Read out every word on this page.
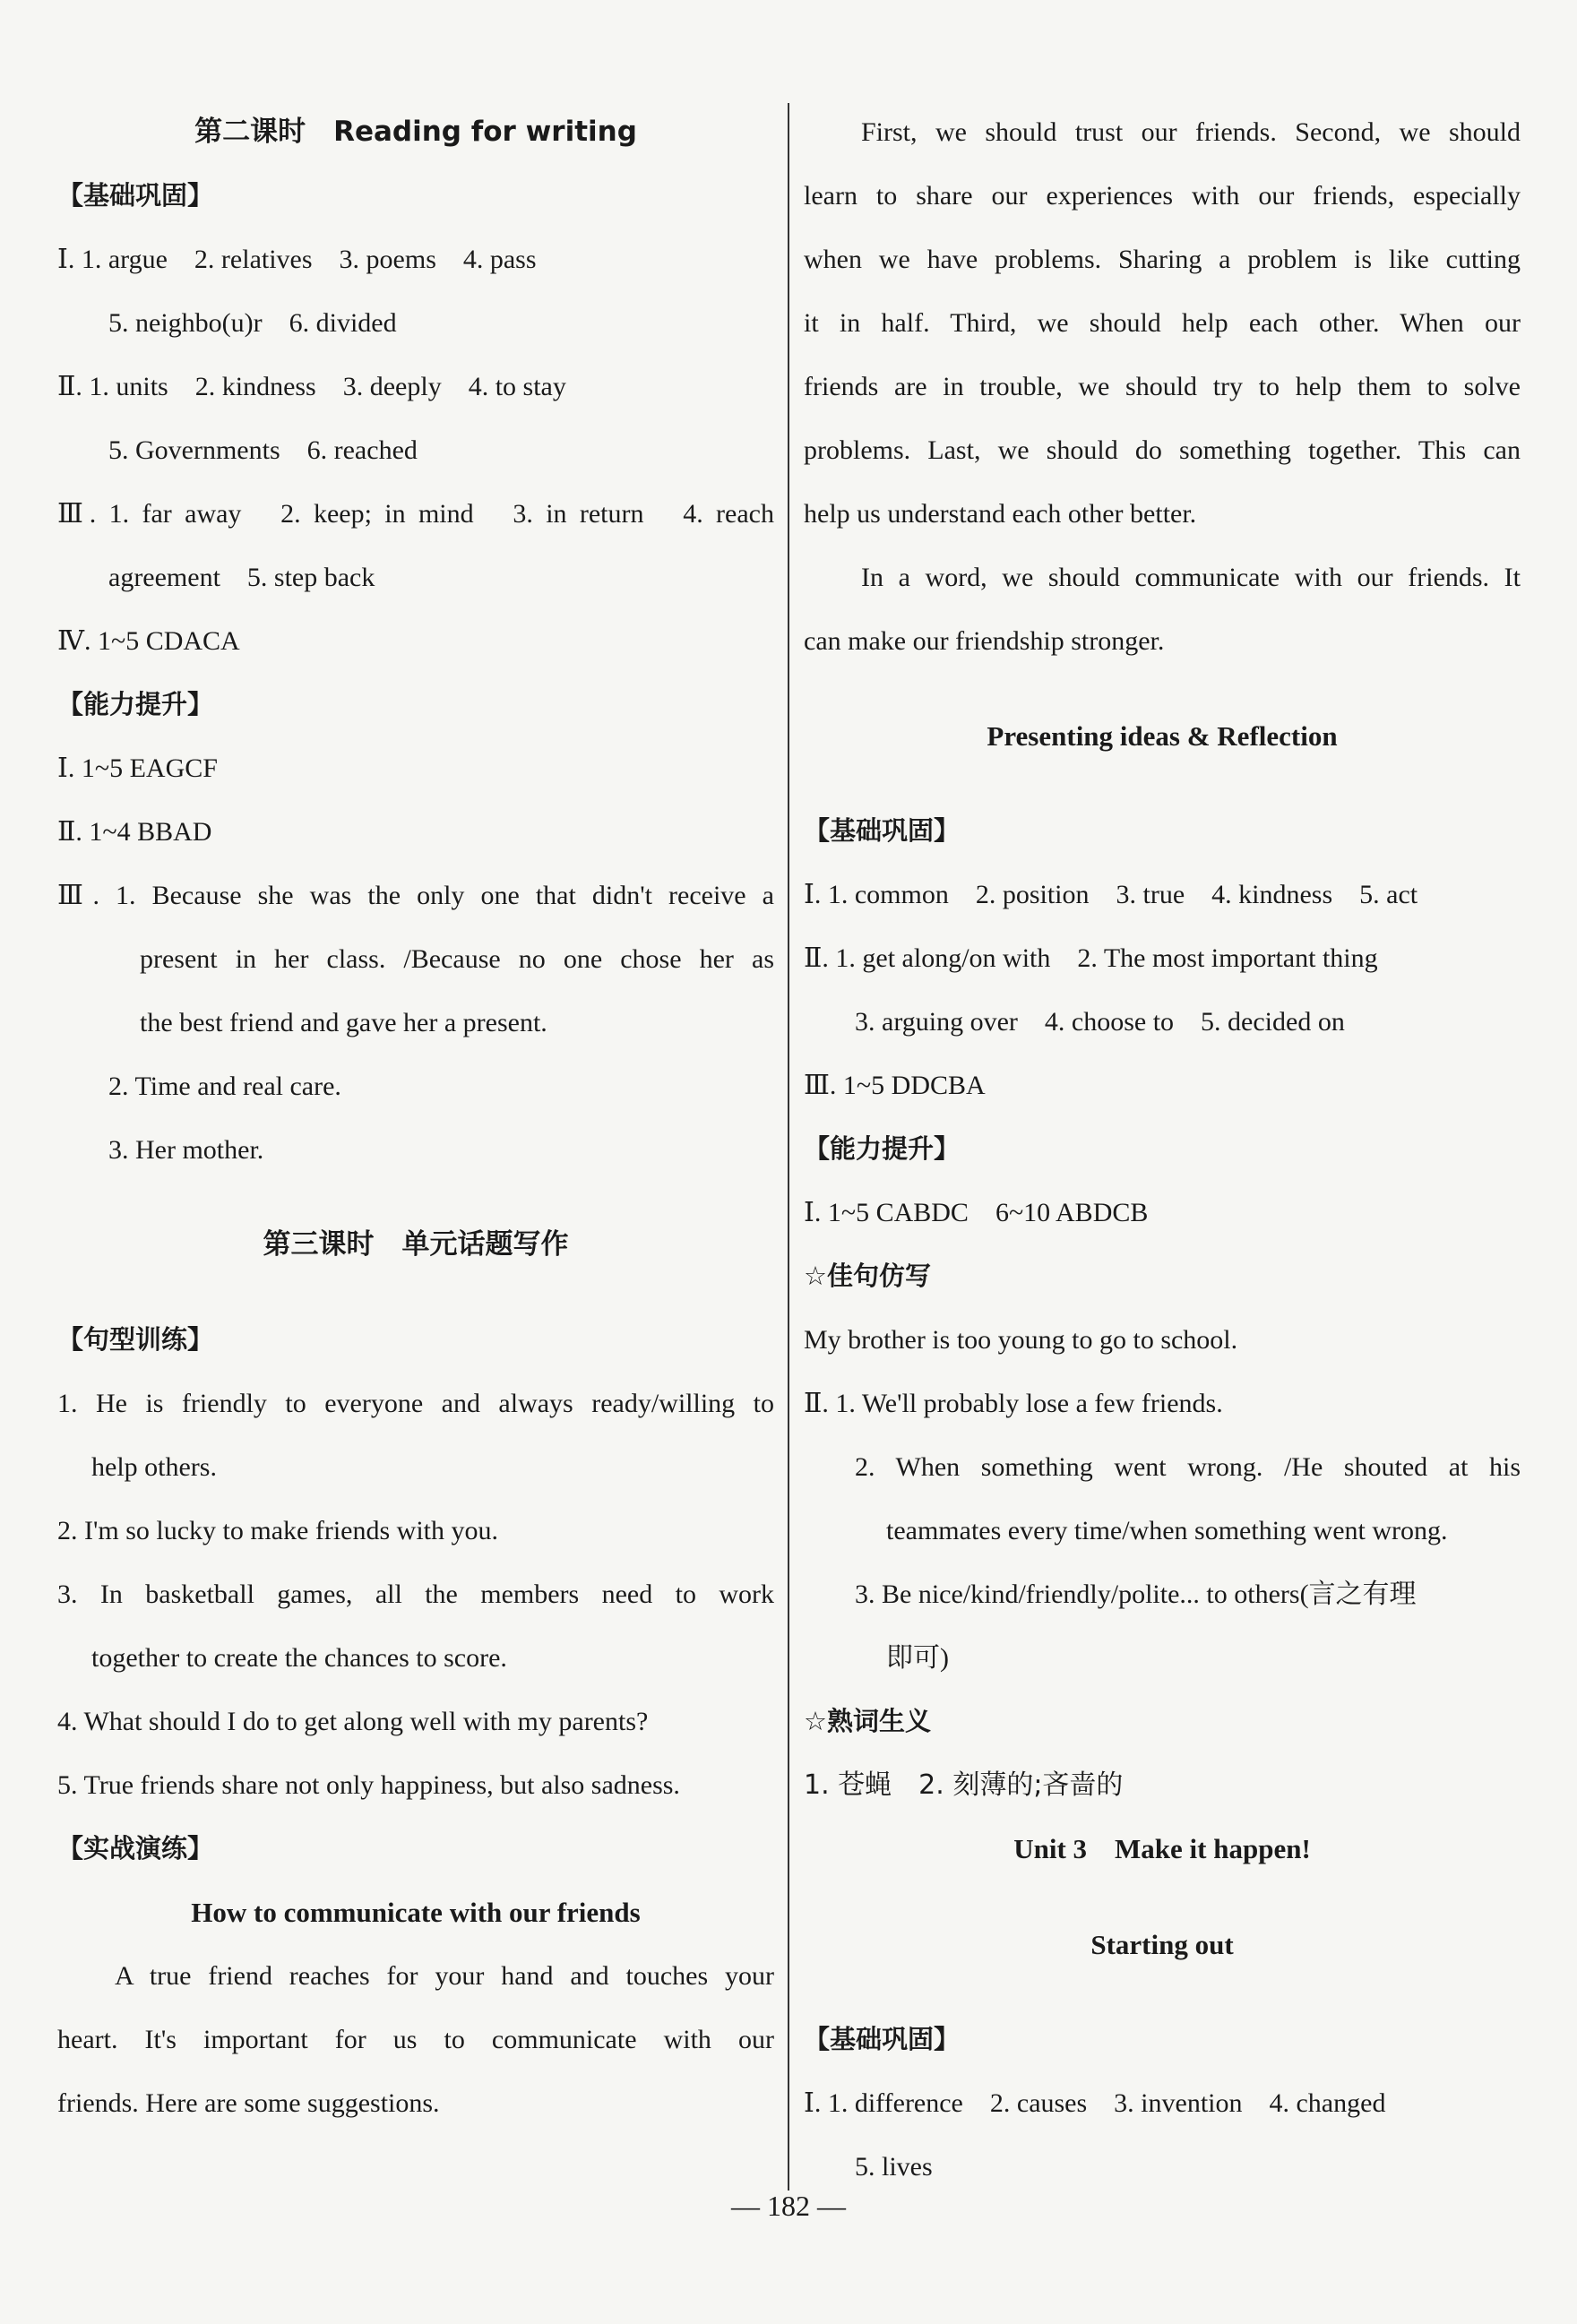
第二课时　Reading for writing
【基础巩固】
Ⅰ. 1. argue　2. relatives　3. poems　4. pass
5. neighbo(u)r　6. divided
Ⅱ. 1. units　2. kindness　3. deeply　4. to stay
5. Governments　6. reached
Ⅲ. 1. far away　2. keep; in mind　3. in return　4. reach
agreement　5. step back
Ⅳ. 1~5 CDACA
【能力提升】
Ⅰ. 1~5 EAGCF
Ⅱ. 1~4 BBAD
Ⅲ. 1. Because she was the only one that didn't receive a
present in her class. /Because no one chose her as
the best friend and gave her a present.
2. Time and real care.
3. Her mother.
第三课时　单元话题写作
【句型训练】
1. He is friendly to everyone and always ready/willing to
help others.
2. I'm so lucky to make friends with you.
3. In basketball games, all the members need to work
together to create the chances to score.
4. What should I do to get along well with my parents?
5. True friends share not only happiness, but also sadness.
【实战演练】
How to communicate with our friends
A true friend reaches for your hand and touches your
heart. It's important for us to communicate with our
friends. Here are some suggestions.
First, we should trust our friends. Second, we should
learn to share our experiences with our friends, especially
when we have problems. Sharing a problem is like cutting
it in half. Third, we should help each other. When our
friends are in trouble, we should try to help them to solve
problems. Last, we should do something together. This can
help us understand each other better.
In a word, we should communicate with our friends. It
can make our friendship stronger.
Presenting ideas & Reflection
【基础巩固】
Ⅰ. 1. common　2. position　3. true　4. kindness　5. act
Ⅱ. 1. get along/on with　2. The most important thing
3. arguing over　4. choose to　5. decided on
Ⅲ. 1~5 DDCBA
【能力提升】
Ⅰ. 1~5 CABDC　6~10 ABDCB
☆佳句仿写
My brother is too young to go to school.
Ⅱ. 1. We'll probably lose a few friends.
2. When something went wrong. /He shouted at his
teammates every time/when something went wrong.
3. Be nice/kind/friendly/polite... to others(言之有理
即可)
☆熟词生义
1. 苍蝇　2. 刻薄的;吝啬的
Unit 3　Make it happen!
Starting out
【基础巩固】
Ⅰ. 1. difference　2. causes　3. invention　4. changed
5. lives
— 182 —
